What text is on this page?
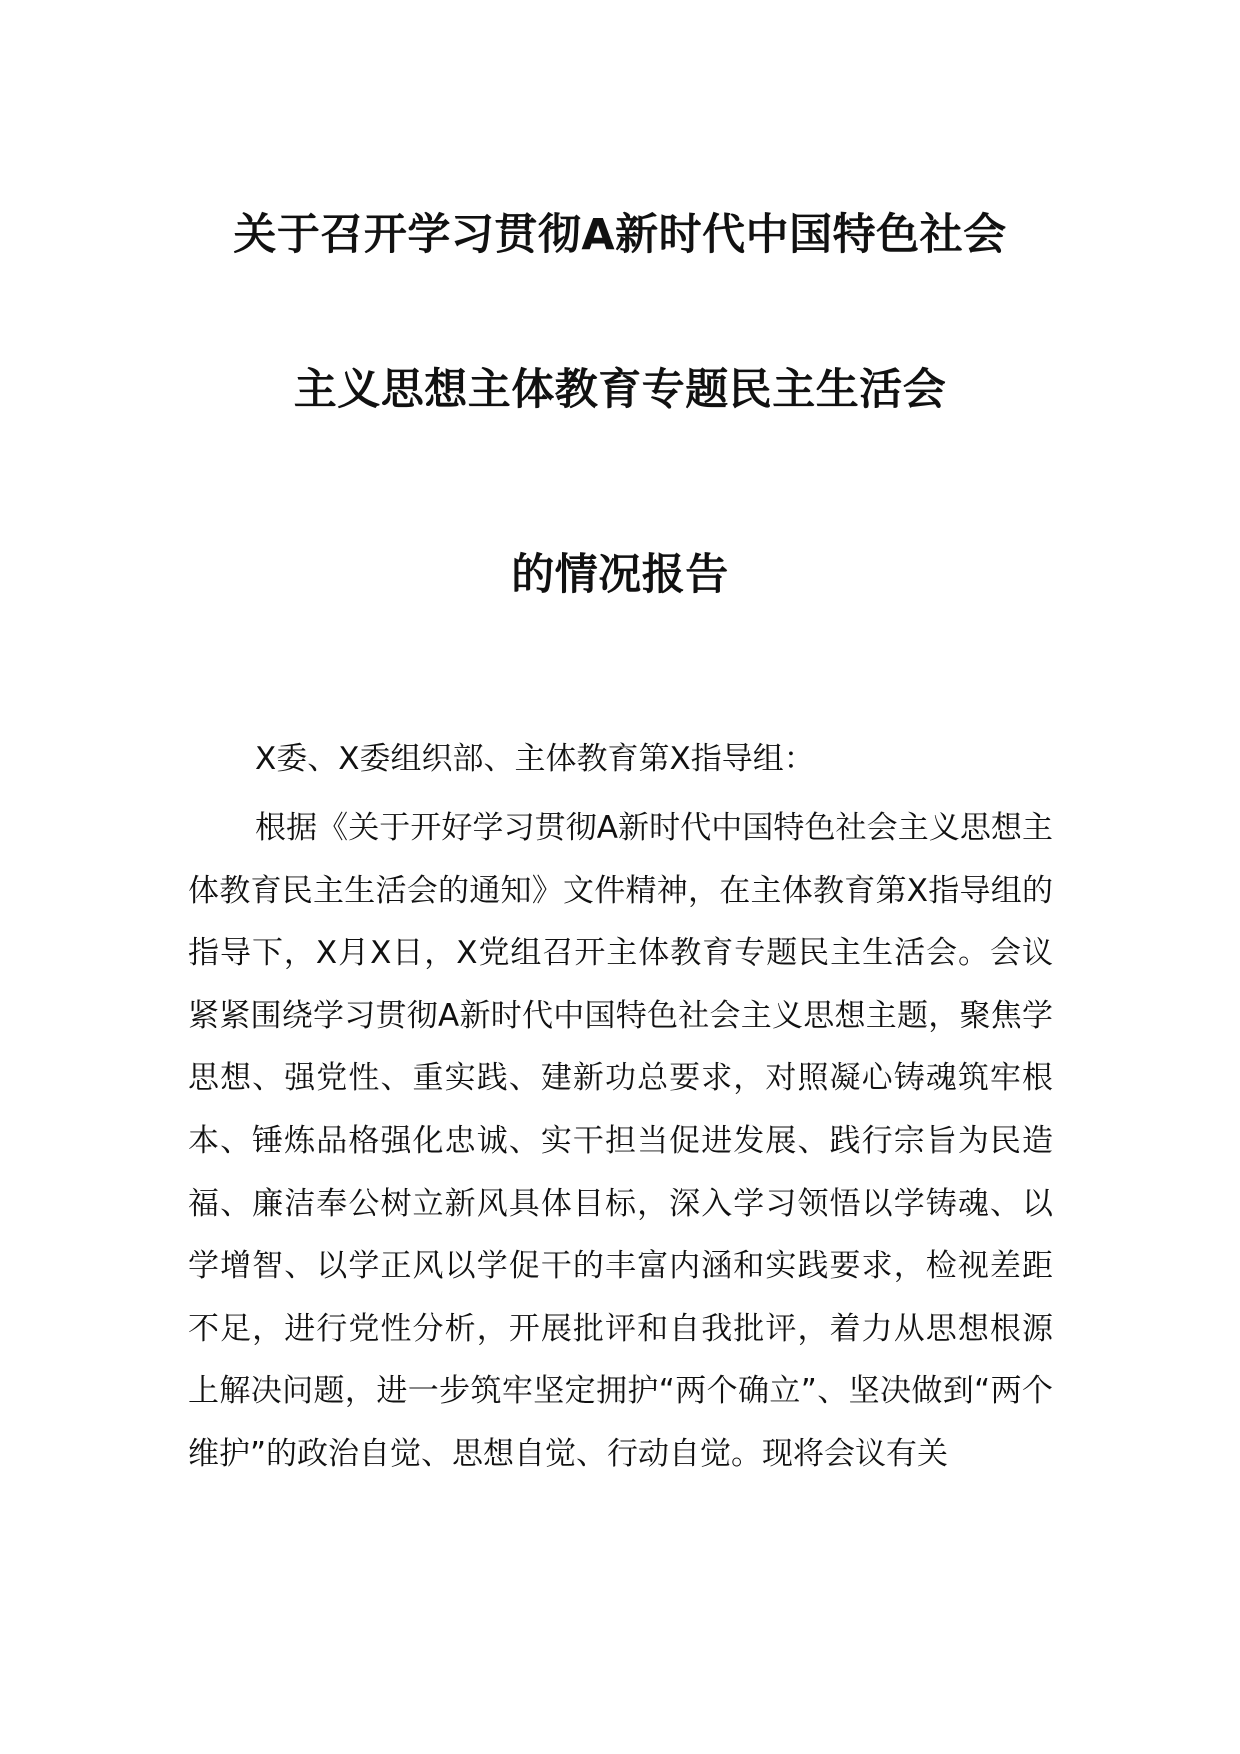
关于召开学习贯彻A新时代中国特色社会
主义思想主体教育专题民主生活会
的情况报告
X委、X委组织部、主体教育第X指导组：
根据《关于开好学习贯彻A新时代中国特色社会主义思想主体教育民主生活会的通知》文件精神，在主体教育第X指导组的指导下，X月X日，X党组召开主体教育专题民主生活会。会议紧紧围绕学习贯彻A新时代中国特色社会主义思想主题，聚焦学思想、强党性、重实践、建新功总要求，对照凝心铸魂筑牢根本、锤炼品格强化忠诚、实干担当促进发展、践行宗旨为民造福、廉洁奉公树立新风具体目标，深入学习领悟以学铸魂、以学增智、以学正风以学促干的丰富内涵和实践要求，检视差距不足，进行党性分析，开展批评和自我批评，着力从思想根源上解决问题，进一步筑牢坚定拥护“两个确立”、坚决做到“两个维护”的政治自觉、思想自觉、行动自觉。现将会议有关
